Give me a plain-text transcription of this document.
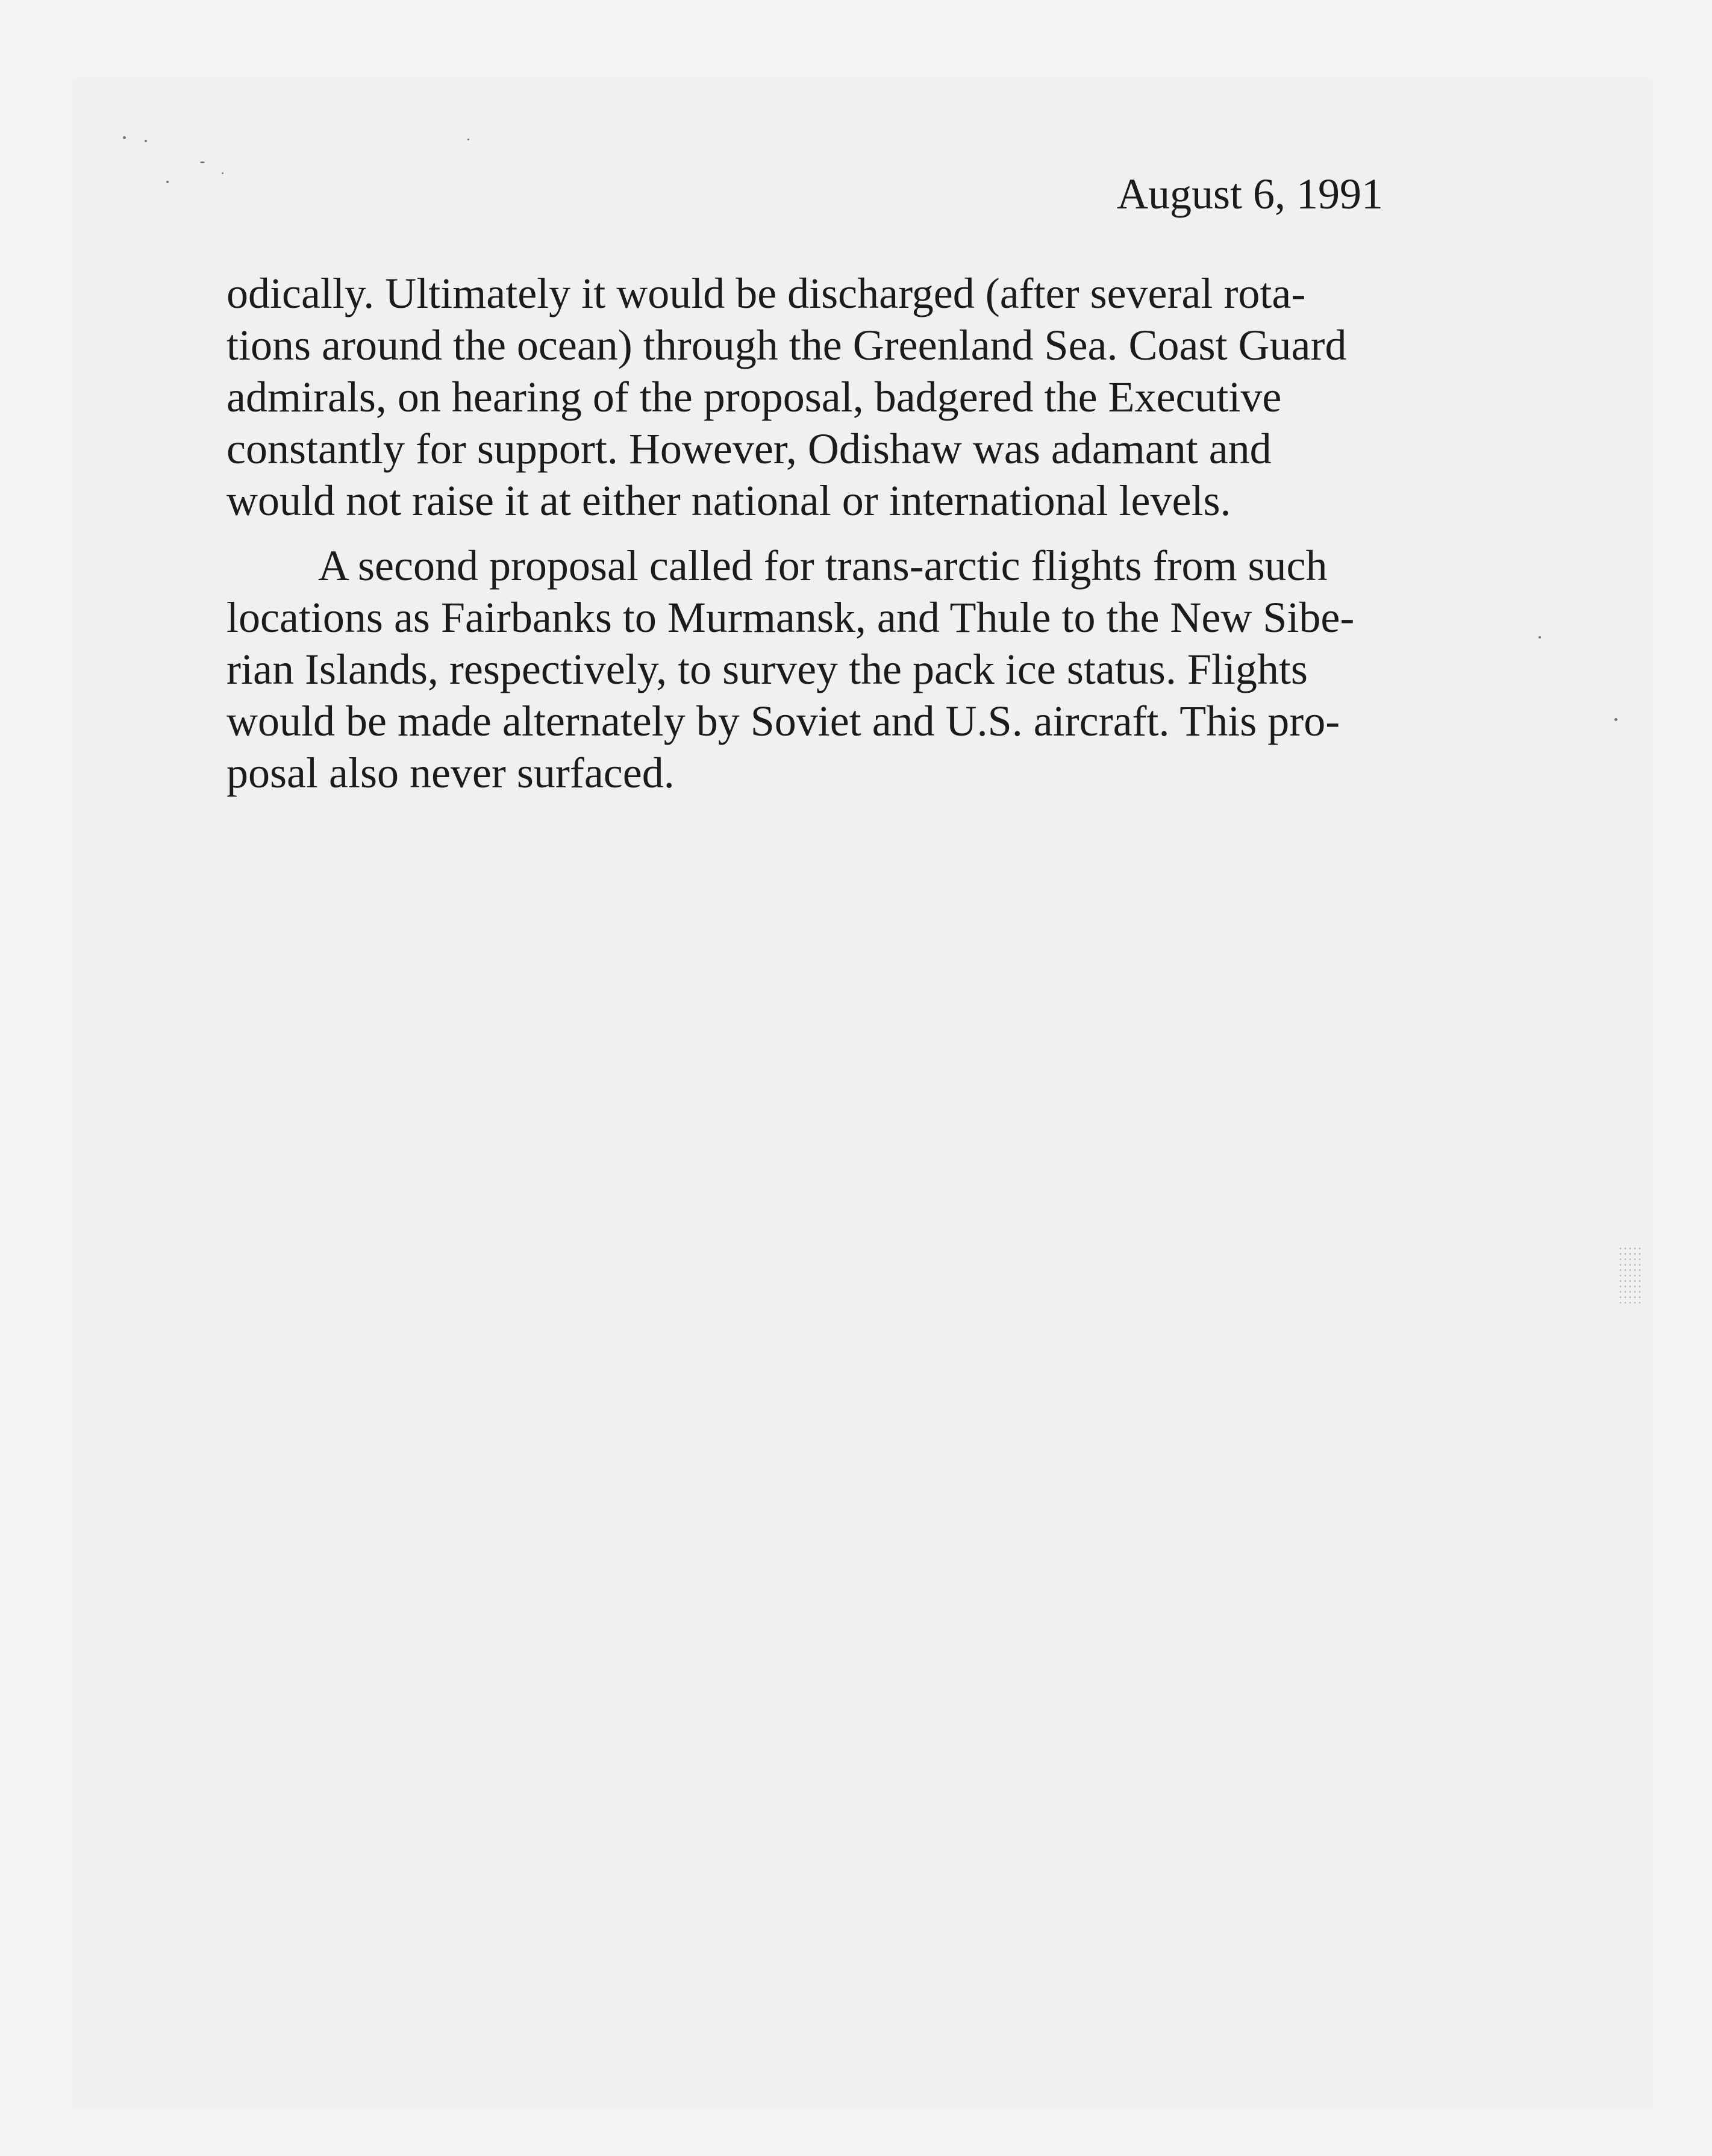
August 6, 1991

odically. Ultimately it would be discharged (after several rota-
tions around the ocean) through the Greenland Sea. Coast Guard
admirals, on hearing of the proposal, badgered the Executive
constantly for support. However, Odishaw was adamant and
would not raise it at either national or international levels.
A second proposal called for trans-arctic flights from such
locations as Fairbanks to Murmansk, and Thule to the New Sibe-
rian Islands, respectively, to survey the pack ice status. Flights
would be made alternately by Soviet and U.S. aircraft. This pro-
posal also never surfaced.
